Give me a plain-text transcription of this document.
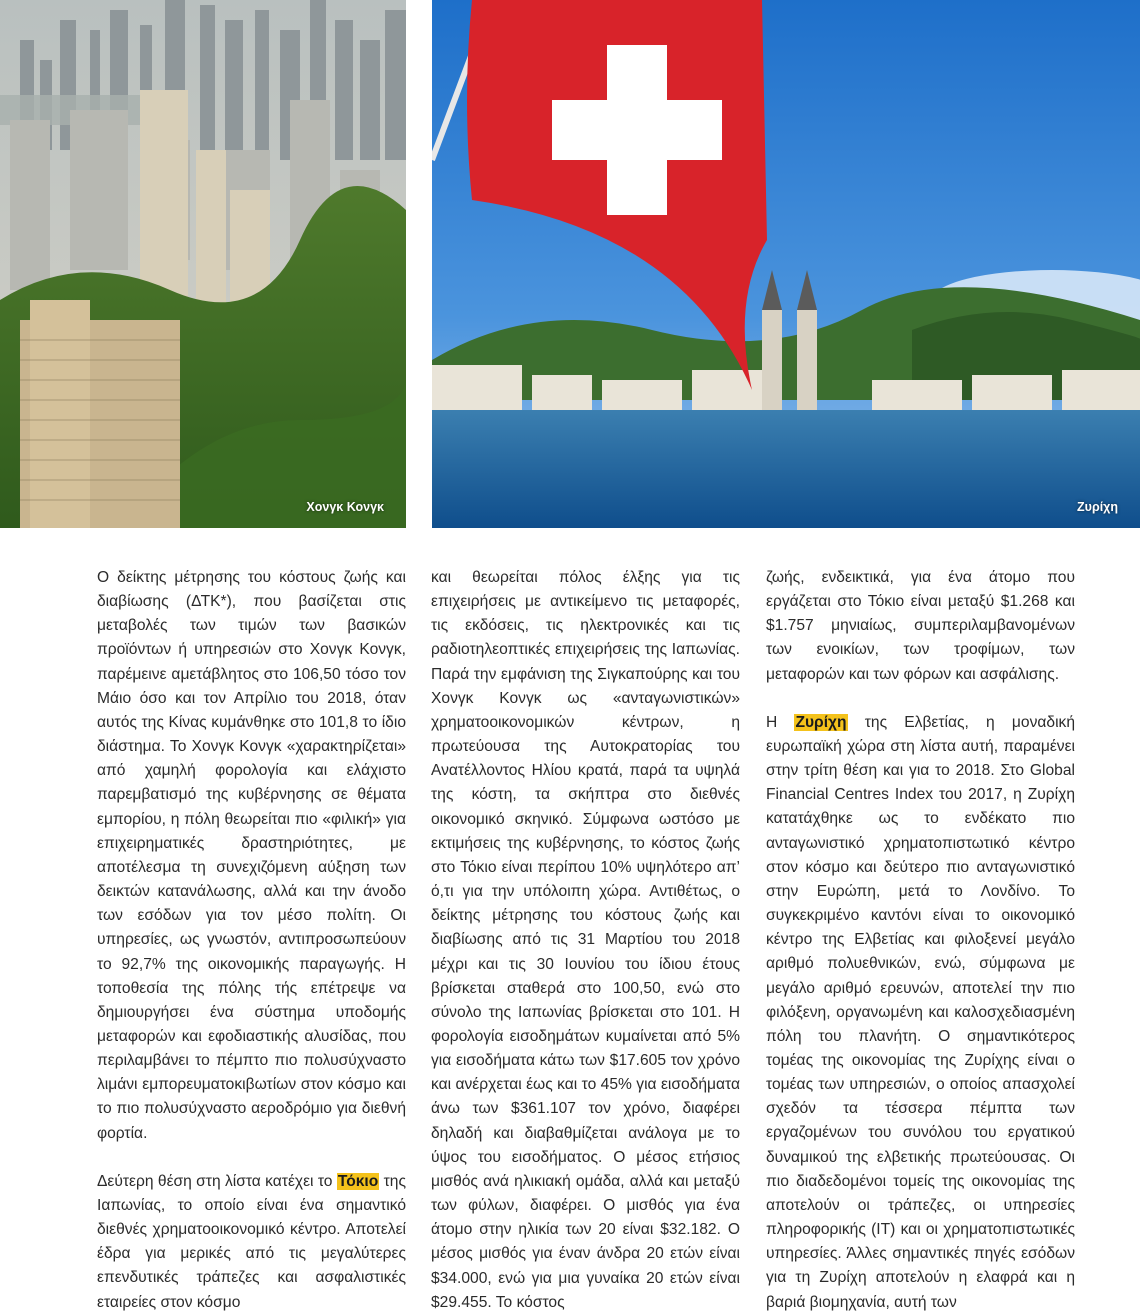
Χονγκ Κονγκ	Ζυρίχη

Ο δείκτης μέτρησης του κόστους ζωής και διαβίωσης (ΔΤΚ*), που βασίζεται στις μεταβολές των τιμών των βασικών προϊόντων ή υπηρεσιών στο Χονγκ Κονγκ, παρέμεινε αμετάβλητος στο 106,50 τόσο τον Μάιο όσο και τον Απρίλιο του 2018, όταν αυτός της Κίνας κυμάνθηκε στο 101,8 το ίδιο διάστημα. Το Χονγκ Κονγκ «χαρακτηρίζεται» από χαμηλή φορολογία και ελάχιστο παρεμβατισμό της κυβέρνησης σε θέματα εμπορίου, η πόλη θεωρείται πιο «φιλική» για επιχειρηματικές δραστηριότητες, με αποτέλεσμα τη συνεχιζόμενη αύξηση των δεικτών κατανάλωσης, αλλά και την άνοδο των εσόδων για τον μέσο πολίτη. Οι υπηρεσίες, ως γνωστόν, αντιπροσωπεύουν το 92,7% της οικονομικής παραγωγής. Η τοποθεσία της πόλης τής επέτρεψε να δημιουργήσει ένα σύστημα υποδομής μεταφορών και εφοδιαστικής αλυσίδας, που περιλαμβάνει το πέμπτο πιο πολυσύχναστο λιμάνι εμπορευματοκιβωτίων στον κόσμο και το πιο πολυσύχναστο αεροδρόμιο για διεθνή φορτία.

Δεύτερη θέση στη λίστα κατέχει το Τόκιο της Ιαπωνίας, το οποίο είναι ένα σημαντικό διεθνές χρηματοοικονομικό κέντρο. Αποτελεί έδρα για μερικές από τις μεγαλύτερες επενδυτικές τράπεζες και ασφαλιστικές εταιρείες στον κόσμο

και θεωρείται πόλος έλξης για τις επιχειρήσεις με αντικείμενο τις μεταφορές, τις εκδόσεις, τις ηλεκτρονικές και τις ραδιοτηλεοπτικές επιχειρήσεις της Ιαπωνίας. Παρά την εμφάνιση της Σιγκαπούρης και του Χονγκ Κονγκ ως «ανταγωνιστικών» χρηματοοικονομικών κέντρων, η πρωτεύουσα της Αυτοκρατορίας του Ανατέλλοντος Ηλίου κρατά, παρά τα υψηλά της κόστη, τα σκήπτρα στο διεθνές οικονομικό σκηνικό. Σύμφωνα ωστόσο με εκτιμήσεις της κυβέρνησης, το κόστος ζωής στο Τόκιο είναι περίπου 10% υψηλότερο απ’ ό,τι για την υπόλοιπη χώρα. Αντιθέτως, ο δείκτης μέτρησης του κόστους ζωής και διαβίωσης από τις 31 Μαρτίου του 2018 μέχρι και τις 30 Ιουνίου του ίδιου έτους βρίσκεται σταθερά στο 100,50, ενώ στο σύνολο της Ιαπωνίας βρίσκεται στο 101. Η φορολογία εισοδημάτων κυμαίνεται από 5% για εισοδήματα κάτω των $17.605 τον χρόνο και ανέρχεται έως και το 45% για εισοδήματα άνω των $361.107 τον χρόνο, διαφέρει δηλαδή και διαβαθμίζεται ανάλογα με το ύψος του εισοδήματος. Ο μέσος ετήσιος μισθός ανά ηλικιακή ομάδα, αλλά και μεταξύ των φύλων, διαφέρει. Ο μισθός για ένα άτομο στην ηλικία των 20 είναι $32.182. Ο μέσος μισθός για έναν άνδρα 20 ετών είναι $34.000, ενώ για μια γυναίκα 20 ετών είναι $29.455. Το κόστος

ζωής, ενδεικτικά, για ένα άτομο που εργάζεται στο Τόκιο είναι μεταξύ $1.268 και $1.757 μηνιαίως, συμπεριλαμβανομένων των ενοικίων, των τροφίμων, των μεταφορών και των φόρων και ασφάλισης.

Η Ζυρίχη της Ελβετίας, η μοναδική ευρωπαϊκή χώρα στη λίστα αυτή, παραμένει στην τρίτη θέση και για το 2018. Στο Global Financial Centres Index του 2017, η Ζυρίχη κατατάχθηκε ως το ενδέκατο πιο ανταγωνιστικό χρηματοπιστωτικό κέντρο στον κόσμο και δεύτερο πιο ανταγωνιστικό στην Ευρώπη, μετά το Λονδίνο. Το συγκεκριμένο καντόνι είναι το οικονομικό κέντρο της Ελβετίας και φιλοξενεί μεγάλο αριθμό πολυεθνικών, ενώ, σύμφωνα με μεγάλο αριθμό ερευνών, αποτελεί την πιο φιλόξενη, οργανωμένη και καλοσχεδιασμένη πόλη του πλανήτη. Ο σημαντικότερος τομέας της οικονομίας της Ζυρίχης είναι ο τομέας των υπηρεσιών, ο οποίος απασχολεί σχεδόν τα τέσσερα πέμπτα των εργαζομένων του συνόλου του εργατικού δυναμικού της ελβετικής πρωτεύουσας. Οι πιο διαδεδομένοι τομείς της οικονομίας της αποτελούν οι τράπεζες, οι υπηρεσίες πληροφορικής (IT) και οι χρηματοπιστωτικές υπηρεσίες. Άλλες σημαντικές πηγές εσόδων για τη Ζυρίχη αποτελούν η ελαφρά και η βαριά βιομηχανία, αυτή των
